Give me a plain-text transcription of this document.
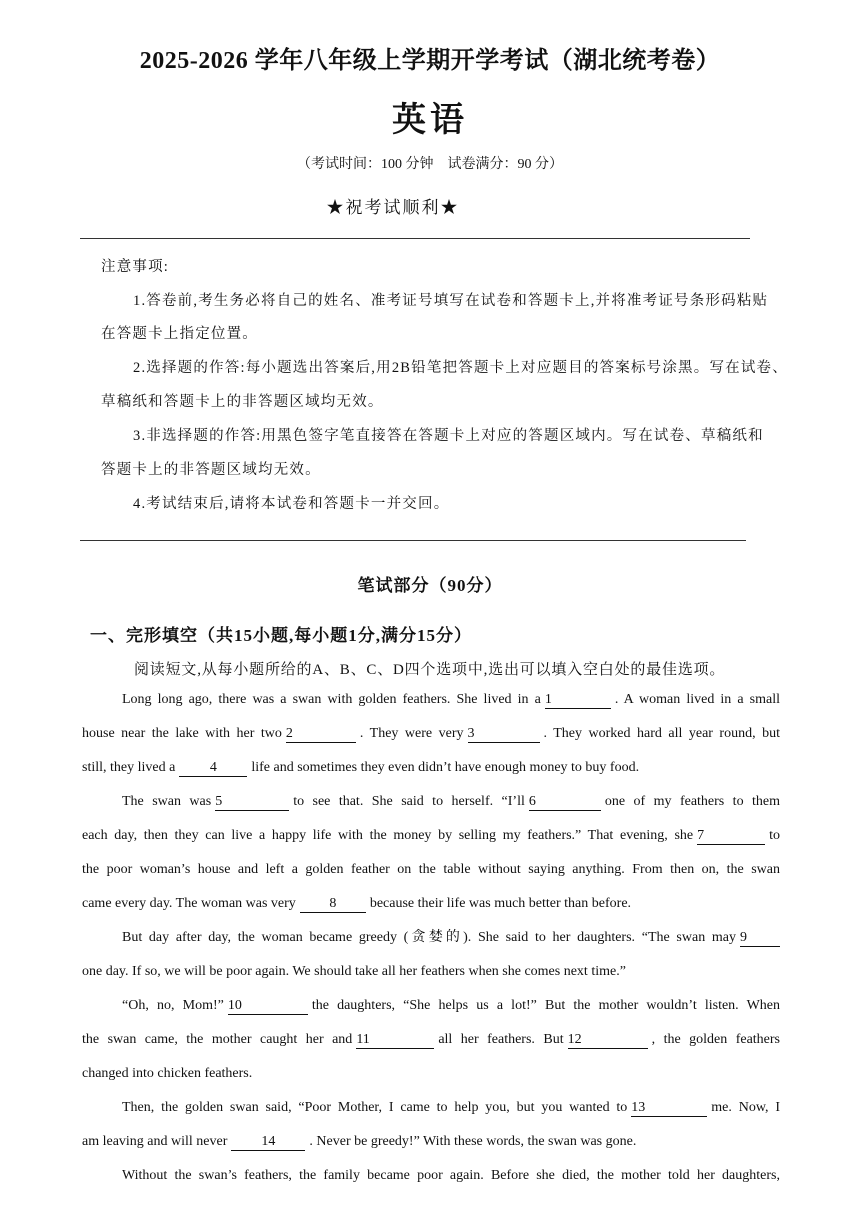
2025-2026 学年八年级上学期开学考试（湖北统考卷）
英语
（考试时间：100 分钟　试卷满分：90 分）
★祝考试顺利★
注意事项:
1.答卷前,考生务必将自己的姓名、准考证号填写在试卷和答题卡上,并将准考证号条形码粘贴
在答题卡上指定位置。
2.选择题的作答:每小题选出答案后,用2B铅笔把答题卡上对应题目的答案标号涂黑。写在试卷、
草稿纸和答题卡上的非答题区域均无效。
3.非选择题的作答:用黑色签字笔直接答在答题卡上对应的答题区域内。写在试卷、草稿纸和
答题卡上的非答题区域均无效。
4.考试结束后,请将本试卷和答题卡一并交回。
笔试部分（90分）
一、完形填空（共15小题,每小题1分,满分15分）
阅读短文,从每小题所给的A、B、C、D四个选项中,选出可以填入空白处的最佳选项。
Long long ago, there was a swan with golden feathers. She lived in a 1	. A woman lived in a small
house near the lake with her two 2	. They were very 3	. They worked hard all year round, but
still, they lived a 4 life and sometimes they even didn’t have enough money to buy food.
The swan was 5	to see that. She said to herself. “I’ll 6	one of my feathers to them
each day, then they can live a happy life with the money by selling my feathers.” That evening, she 7	to
the poor woman’s house and left a golden feather on the table without saying anything. From then on, the swan
came every day. The woman was very 8 because their life was much better than before.
But day after day, the woman became greedy (贪婪的). She said to her daughters. “The swan may 9
one day. If so, we will be poor again. We should take all her feathers when she comes next time.”
“Oh, no, Mom!” 10	the daughters, “She helps us a lot!” But the mother wouldn’t listen. When
the swan came, the mother caught her and 11	all her feathers. But 12	, the golden feathers
changed into chicken feathers.
Then, the golden swan said, “Poor Mother, I came to help you, but you wanted to 13	me. Now, I
am leaving and will never 14 . Never be greedy!” With these words, the swan was gone.
Without the swan’s feathers, the family became poor again. Before she died, the mother told her daughters,
